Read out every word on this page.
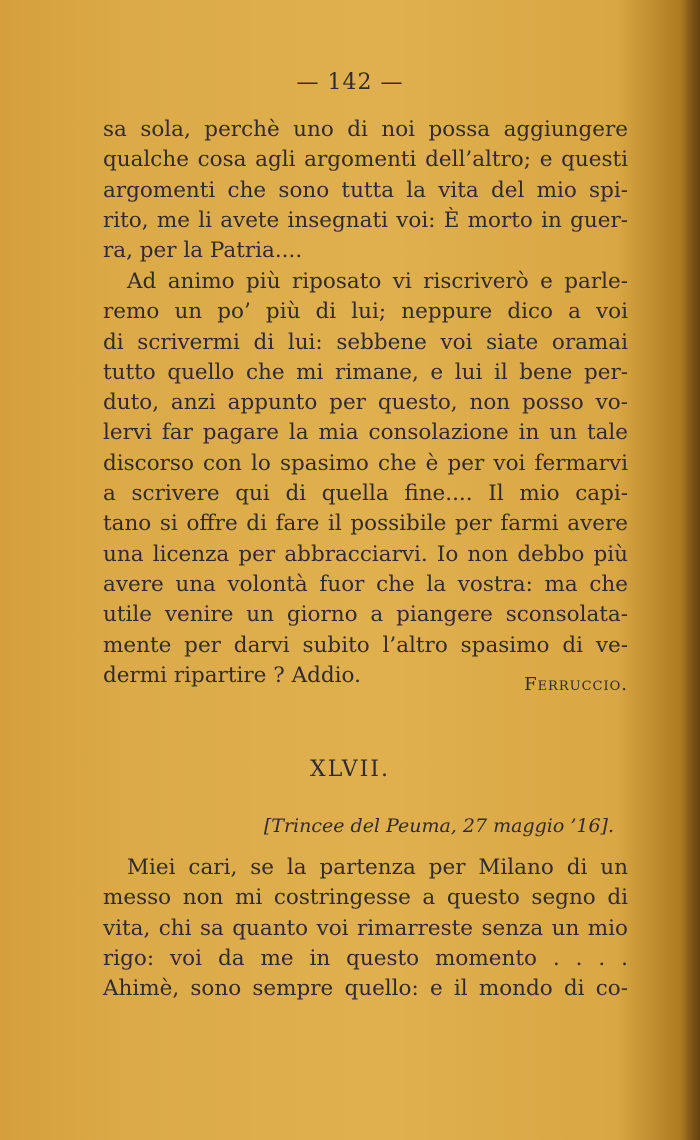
— 142 —
sa sola, perchè uno di noi possa aggiungere
qualche cosa agli argomenti dell’altro; e questi
argomenti che sono tutta la vita del mio spi-
rito, me li avete insegnati voi: È morto in guer-
ra, per la Patria....
Ad animo più riposato vi riscriverò e parle-
remo un po’ più di lui; neppure dico a voi
di scrivermi di lui: sebbene voi siate oramai
tutto quello che mi rimane, e lui il bene per-
duto, anzi appunto per questo, non posso vo-
lervi far pagare la mia consolazione in un tale
discorso con lo spasimo che è per voi fermarvi
a scrivere qui di quella fine.... Il mio capi-
tano si offre di fare il possibile per farmi avere
una licenza per abbracciarvi. Io non debbo più
avere una volontà fuor che la vostra: ma che
utile venire un giorno a piangere sconsolata-
mente per darvi subito l’altro spasimo di ve-
dermi ripartire ? Addio.	Ferruccio.
XLVII.
[Trincee del Peuma, 27 maggio ’16].
Miei cari, se la partenza per Milano di un
messo non mi costringesse a questo segno di
vita, chi sa quanto voi rimarreste senza un mio
rigo: voi da me in questo momento . . . .
Ahimè, sono sempre quello: e il mondo di co-
